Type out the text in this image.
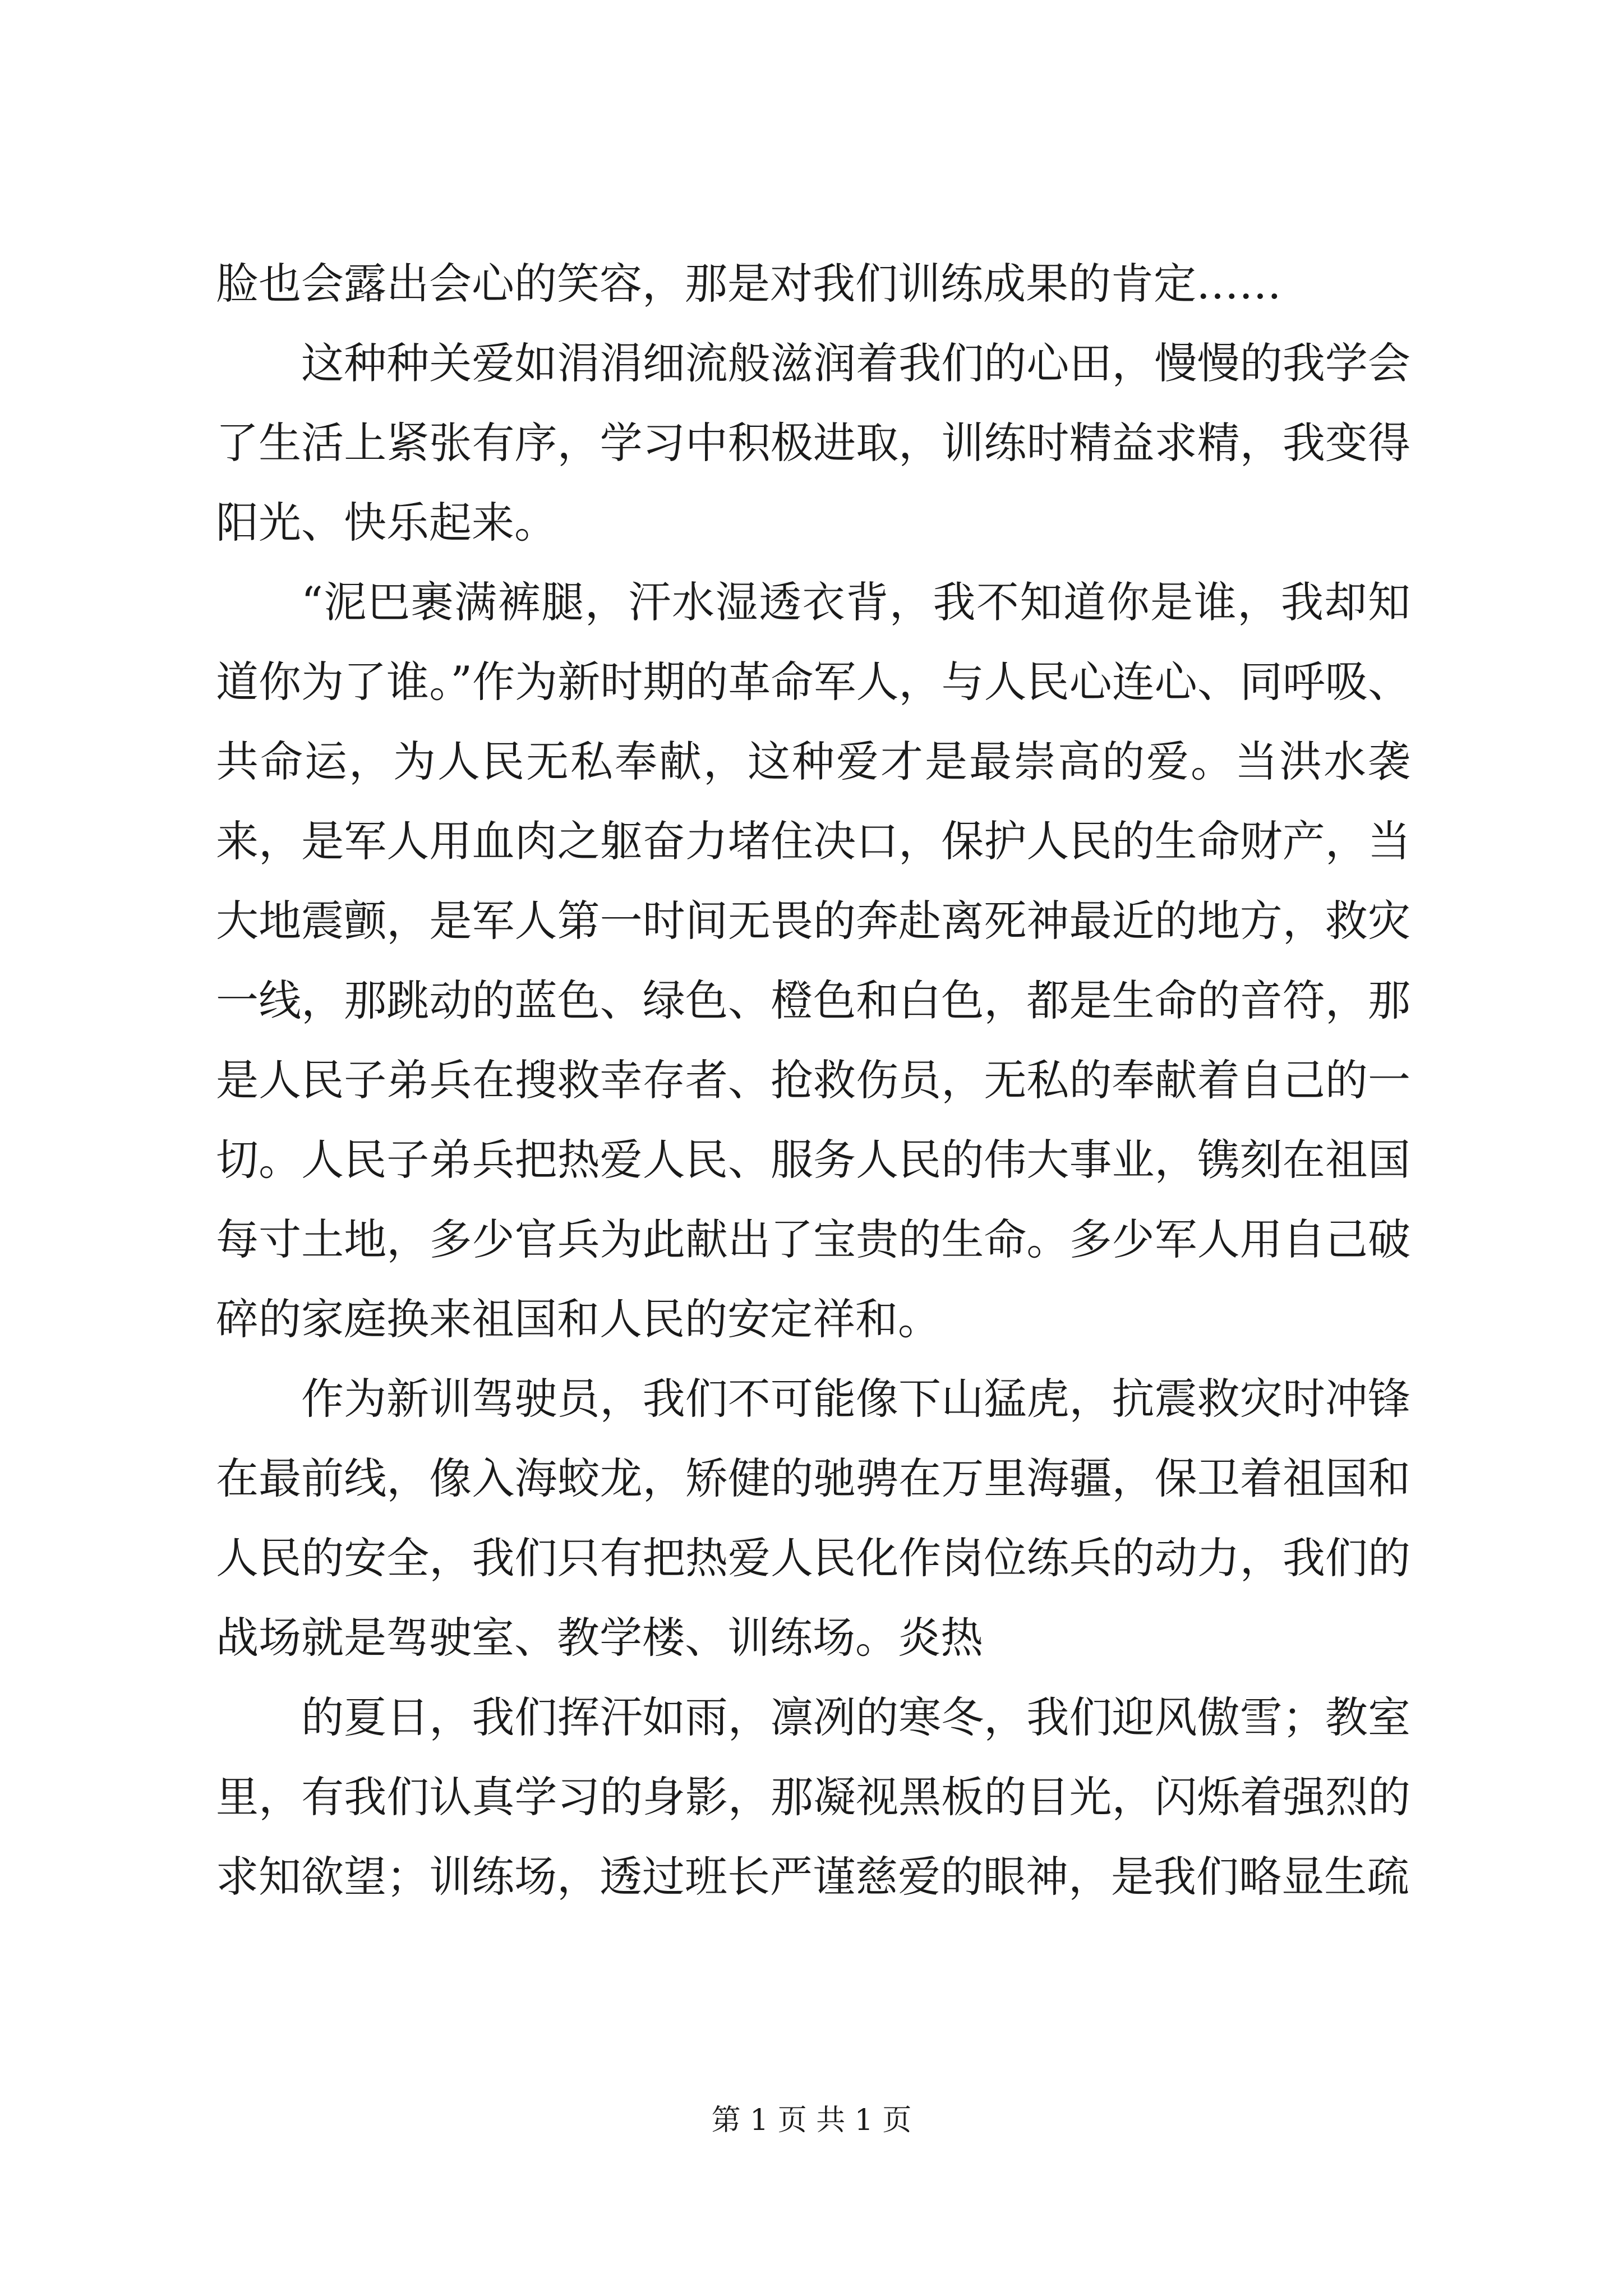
脸也会露出会心的笑容，那是对我们训练成果的肯定……

这种种关爱如涓涓细流般滋润着我们的心田，慢慢的我学会了生活上紧张有序，学习中积极进取，训练时精益求精，我变得阳光、快乐起来。

“泥巴裹满裤腿，汗水湿透衣背，我不知道你是谁，我却知道你为了谁。”作为新时期的革命军人，与人民心连心、同呼吸、共命运，为人民无私奉献，这种爱才是最崇高的爱。当洪水袭来，是军人用血肉之躯奋力堵住决口，保护人民的生命财产，当大地震颤，是军人第一时间无畏的奔赴离死神最近的地方，救灾一线，那跳动的蓝色、绿色、橙色和白色，都是生命的音符，那是人民子弟兵在搜救幸存者、抢救伤员，无私的奉献着自己的一切。人民子弟兵把热爱人民、服务人民的伟大事业，镌刻在祖国每寸土地，多少官兵为此献出了宝贵的生命。多少军人用自己破碎的家庭换来祖国和人民的安定祥和。

作为新训驾驶员，我们不可能像下山猛虎，抗震救灾时冲锋在最前线，像入海蛟龙，矫健的驰骋在万里海疆，保卫着祖国和人民的安全，我们只有把热爱人民化作岗位练兵的动力，我们的战场就是驾驶室、教学楼、训练场。炎热

的夏日，我们挥汗如雨，凛冽的寒冬，我们迎风傲雪；教室里，有我们认真学习的身影，那凝视黑板的目光，闪烁着强烈的求知欲望；训练场，透过班长严谨慈爱的眼神，是我们略显生疏

第 1 页 共 1 页
